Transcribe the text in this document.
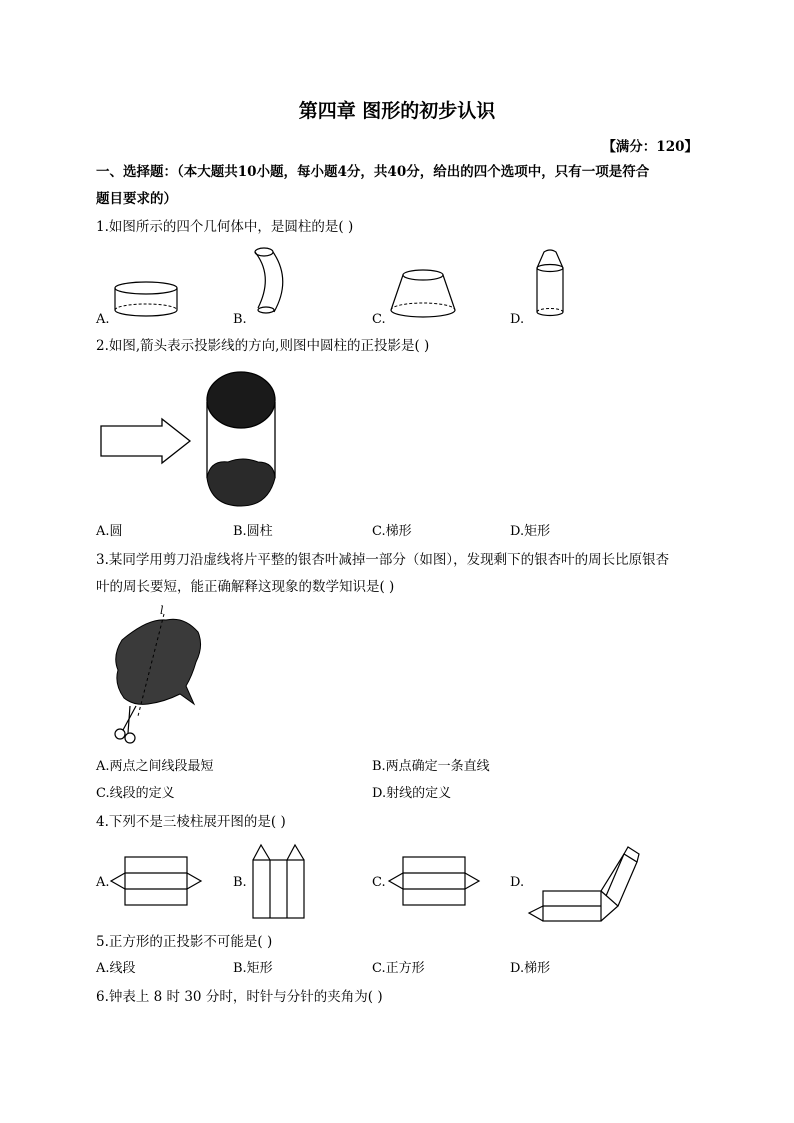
第四章 图形的初步认识
【满分：120】
一、选择题：（本大题共10小题，每小题4分，共40分，给出的四个选项中，只有一项是符合
题目要求的）
1.如图所示的四个几何体中，是圆柱的是( )
A.	B.	C.	D.
2.如图,箭头表示投影线的方向,则图中圆柱的正投影是( )
A.圆	B.圆柱	C.梯形	D.矩形
3.某同学用剪刀沿虚线将片平整的银杏叶减掉一部分（如图），发现剩下的银杏叶的周长比原银杏
叶的周长要短，能正确解释这现象的数学知识是( )
l
A.两点之间线段最短	B.两点确定一条直线
C.线段的定义	D.射线的定义
4.下列不是三棱柱展开图的是( )
A.	B.	C.	D.
5.正方形的正投影不可能是( )
A.线段	B.矩形	C.正方形	D.梯形
6.钟表上 8 时 30 分时，时针与分针的夹角为( )
